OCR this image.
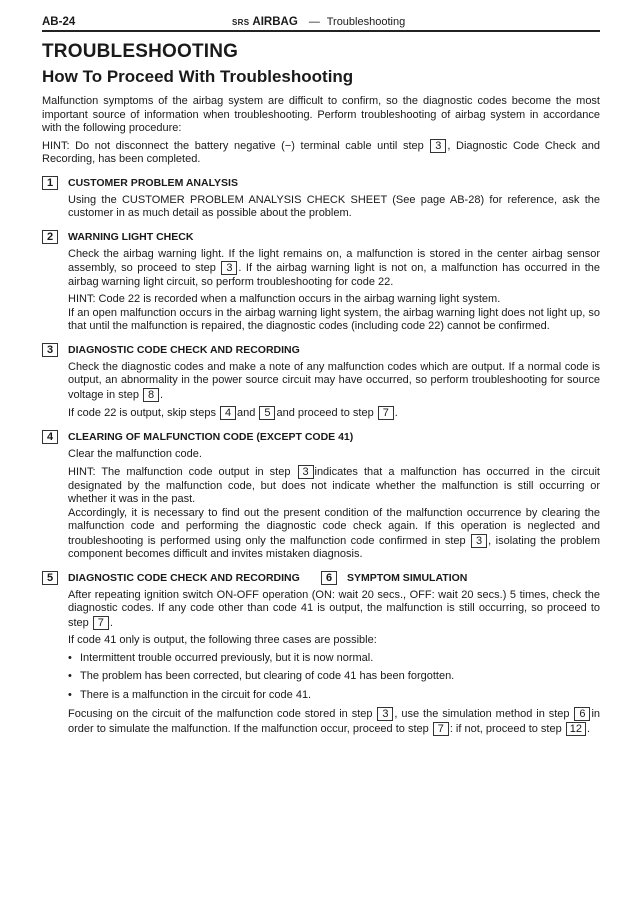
AB-24	SRS AIRBAG — Troubleshooting
TROUBLESHOOTING
How To Proceed With Troubleshooting

Malfunction symptoms of the airbag system are difficult to confirm, so the diagnostic codes become the most important source of information when troubleshooting. Perform troubleshooting of airbag system in accordance with the following procedure:

HINT: Do not disconnect the battery negative (−) terminal cable until step 3 , Diagnostic Code Check and Recording, has been completed.

1	CUSTOMER PROBLEM ANALYSIS

Using the CUSTOMER PROBLEM ANALYSIS CHECK SHEET (See page AB-28) for reference, ask the customer in as much detail as possible about the problem.

2	WARNING LIGHT CHECK

Check the airbag warning light. If the light remains on, a malfunction is stored in the center airbag sensor assembly, so proceed to step 3 . If the airbag warning light is not on, a malfunction has occurred in the airbag warning light circuit, so perform troubleshooting for code 22.

HINT: Code 22 is recorded when a malfunction occurs in the airbag warning light system.

If an open malfunction occurs in the airbag warning light system, the airbag warning light does not light up, so that until the malfunction is repaired, the diagnostic codes (including code 22) cannot be confirmed.

3	DIAGNOSTIC CODE CHECK AND RECORDING

Check the diagnostic codes and make a note of any malfunction codes which are output. If a normal code is output, an abnormality in the power source circuit may have occurred, so perform troubleshooting for source voltage in step 8 .

If code 22 is output, skip steps 4 and 5 and proceed to step 7 .

4	CLEARING OF MALFUNCTION CODE (EXCEPT CODE 41)

Clear the malfunction code.

HINT: The malfunction code output in step 3 indicates that a malfunction has occurred in the circuit designated by the malfunction code, but does not indicate whether the malfunction is still occurring or whether it was in the past.

Accordingly, it is necessary to find out the present condition of the malfunction occurrence by clearing the malfunction code and performing the diagnostic code check again. If this operation is neglected and troubleshooting is performed using only the malfunction code confirmed in step 3 , isolating the problem component becomes difficult and invites mistaken diagnosis.

5	DIAGNOSTIC CODE CHECK AND RECORDING	6	SYMPTOM SIMULATION

After repeating ignition switch ON-OFF operation (ON: wait 20 secs., OFF: wait 20 secs.) 5 times, check the diagnostic codes. If any code other than code 41 is output, the malfunction is still occurring, so proceed to step 7 .

If code 41 only is output, the following three cases are possible:

• Intermittent trouble occurred previously, but it is now normal.
• The problem has been corrected, but clearing of code 41 has been forgotten.
• There is a malfunction in the circuit for code 41.

Focusing on the circuit of the malfunction code stored in step 3 , use the simulation method in step 6 in order to simulate the malfunction. If the malfunction occur, proceed to step 7 : if not, proceed to step 12 .
